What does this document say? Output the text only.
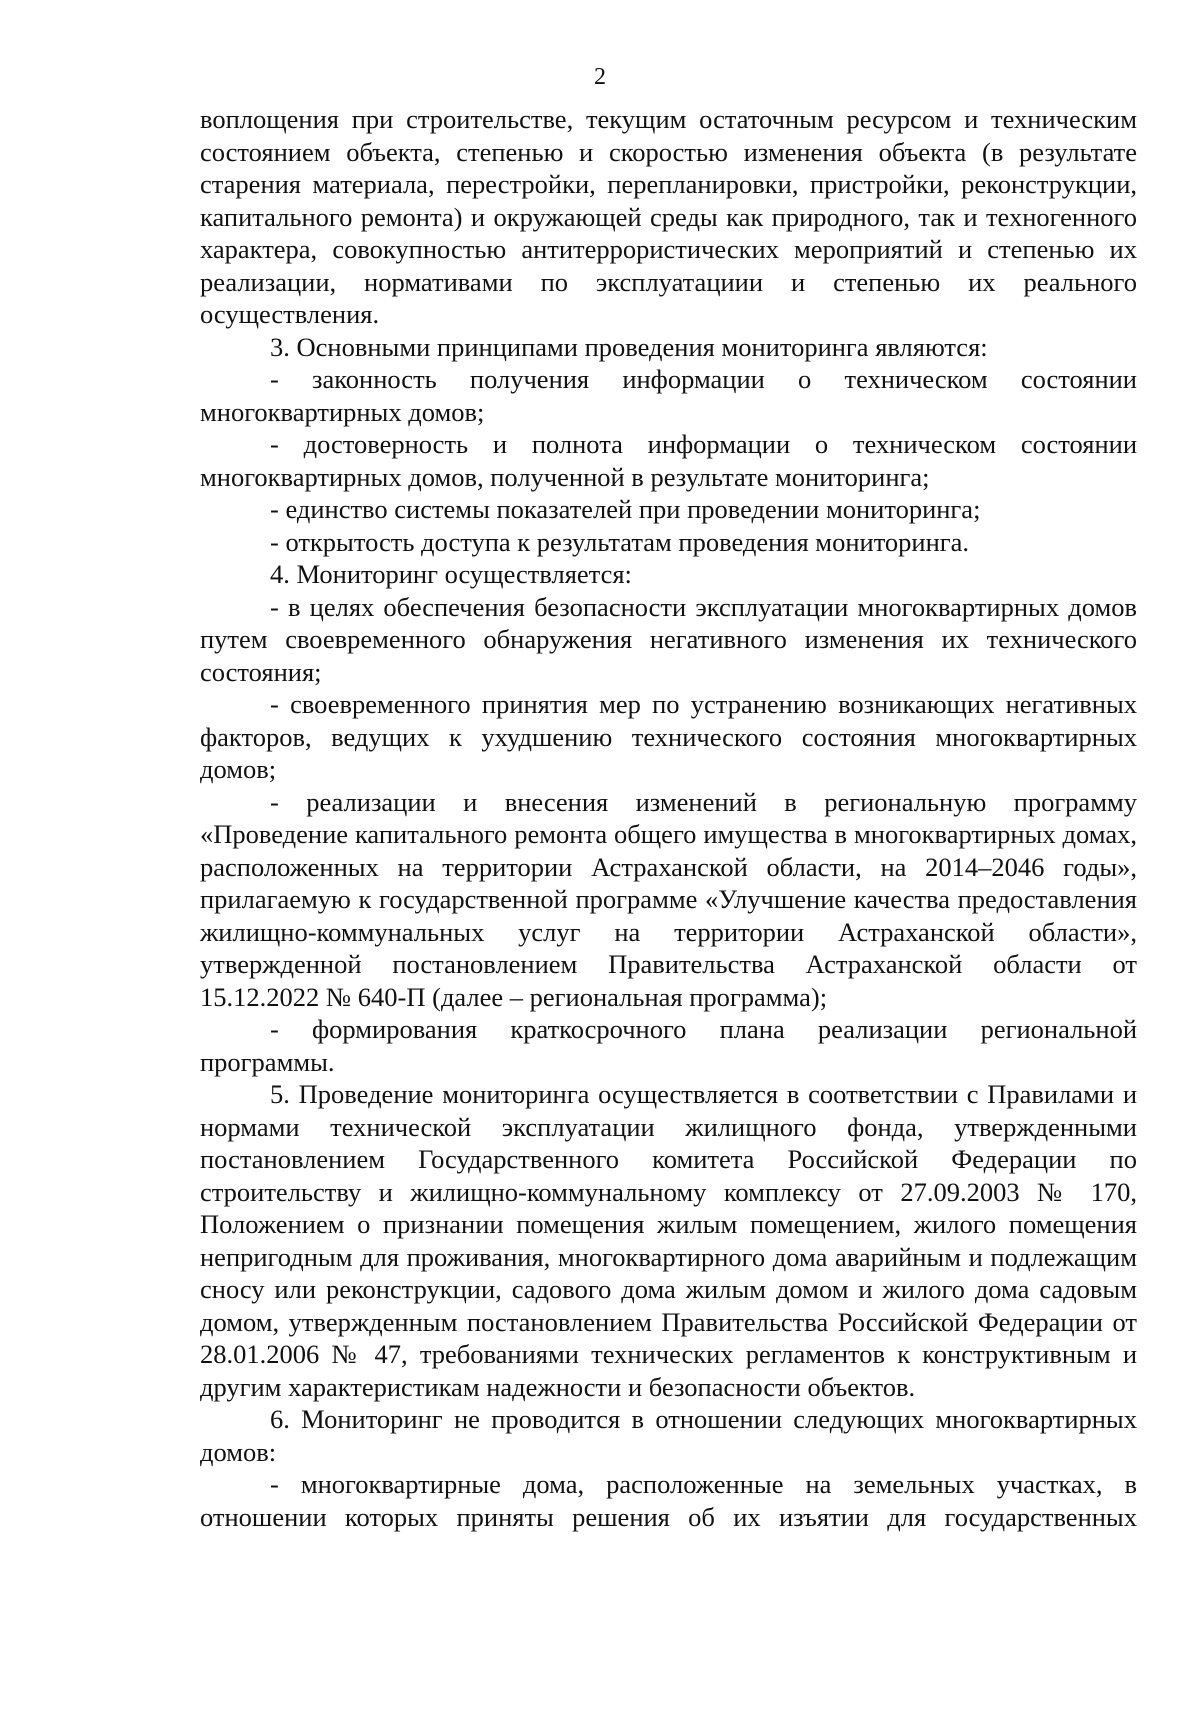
2

воплощения при строительстве, текущим остаточным ресурсом и техническим состоянием объекта, степенью и скоростью изменения объекта (в результате старения материала, перестройки, перепланировки, пристройки, реконструкции, капитального ремонта) и окружающей среды как природного, так и техногенного характера, совокупностью антитеррористических мероприятий и степенью их реализации, нормативами по эксплуатациии и степенью их реального осуществления.

3. Основными принципами проведения мониторинга являются:

- законность получения информации о техническом состоянии многоквартирных домов;

- достоверность и полнота информации о техническом состоянии многоквартирных домов, полученной в результате мониторинга;

- единство системы показателей при проведении мониторинга;

- открытость доступа к результатам проведения мониторинга.

4. Мониторинг осуществляется:

- в целях обеспечения безопасности эксплуатации многоквартирных домов путем своевременного обнаружения негативного изменения их технического состояния;

- своевременного принятия мер по устранению возникающих негативных факторов, ведущих к ухудшению технического состояния многоквартирных домов;

- реализации и внесения изменений в региональную программу «Проведение капитального ремонта общего имущества в многоквартирных домах, расположенных на территории Астраханской области, на 2014–2046 годы», прилагаемую к государственной программе «Улучшение качества предоставления жилищно-коммунальных услуг на территории Астраханской области», утвержденной постановлением Правительства Астраханской области от 15.12.2022 № 640-П (далее – региональная программа);

- формирования краткосрочного плана реализации региональной программы.

5. Проведение мониторинга осуществляется в соответствии с Правилами и нормами технической эксплуатации жилищного фонда, утвержденными постановлением Государственного комитета Российской Федерации по строительству и жилищно-коммунальному комплексу от 27.09.2003 № 170, Положением о признании помещения жилым помещением, жилого помещения непригодным для проживания, многоквартирного дома аварийным и подлежащим сносу или реконструкции, садового дома жилым домом и жилого дома садовым домом, утвержденным постановлением Правительства Российской Федерации от 28.01.2006 № 47, требованиями технических регламентов к конструктивным и другим характеристикам надежности и безопасности объектов.

6. Мониторинг не проводится в отношении следующих многоквартирных домов:

- многоквартирные дома, расположенные на земельных участках, в отношении которых приняты решения об их изъятии для государственных
